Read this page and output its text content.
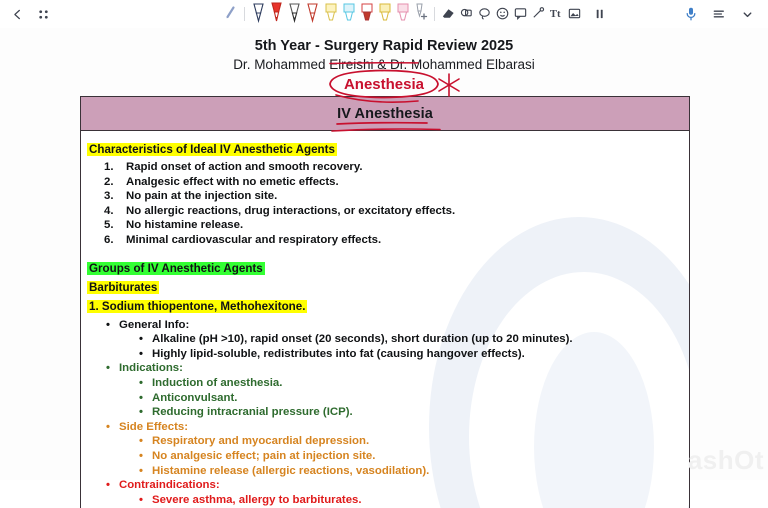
Tt
5th Year - Surgery Rapid Review 2025
Dr. Mohammed Elreishi & Dr. Mohammed Elbarasi
Anesthesia
IV Anesthesia
Characteristics of Ideal IV Anesthetic Agents
1.	Rapid onset of action and smooth recovery.
2.	Analgesic effect with no emetic effects.
3.	No pain at the injection site.
4.	No allergic reactions, drug interactions, or excitatory effects.
5.	No histamine release.
6.	Minimal cardiovascular and respiratory effects.
Groups of IV Anesthetic Agents
Barbiturates
1. Sodium thiopentone, Methohexitone.
• General Info:
• Alkaline (pH >10), rapid onset (20 seconds), short duration (up to 20 minutes).
• Highly lipid-soluble, redistributes into fat (causing hangover effects).
• Indications:
• Induction of anesthesia.
• Anticonvulsant.
• Reducing intracranial pressure (ICP).
• Side Effects:
• Respiratory and myocardial depression.
• No analgesic effect; pain at injection site.
• Histamine release (allergic reactions, vasodilation).
• Contraindications:
• Severe asthma, allergy to barbiturates.
ashOt
